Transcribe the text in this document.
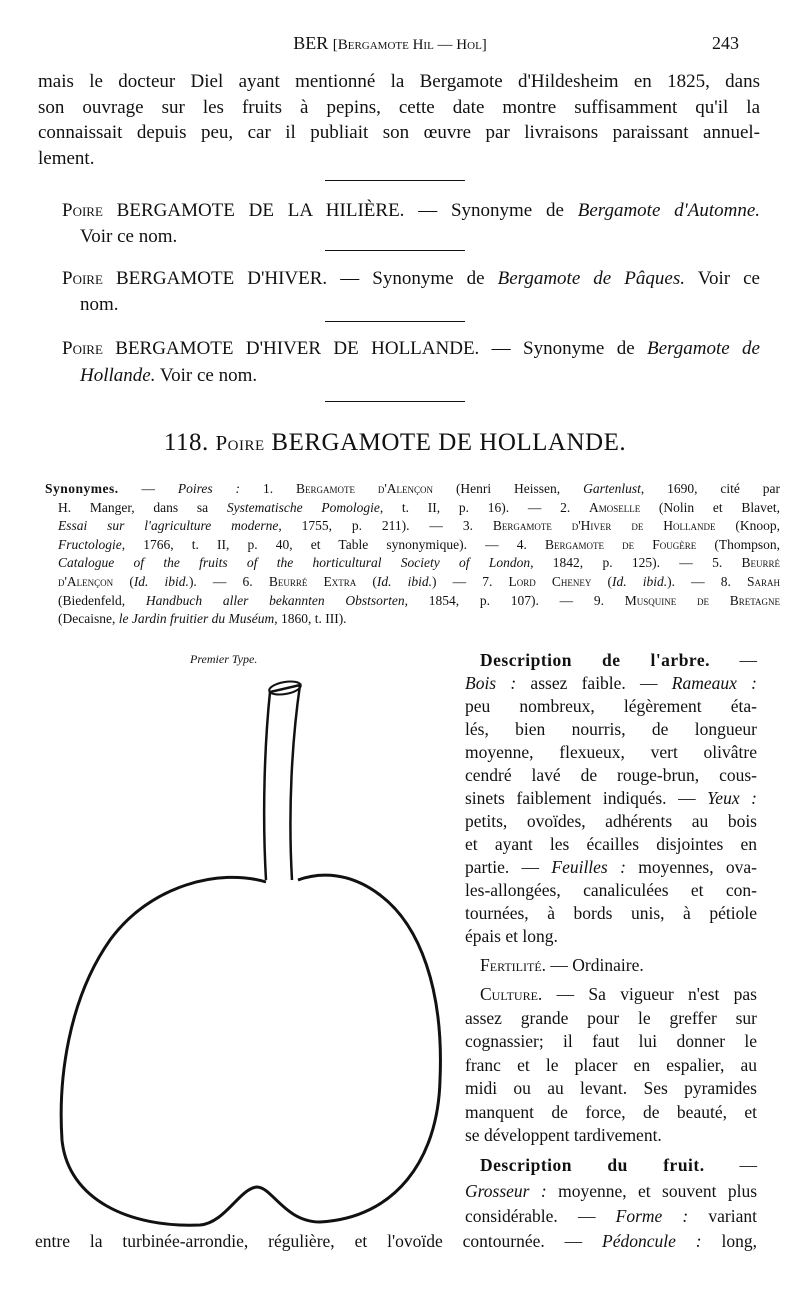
BER [Bergamote Hil — Hol]	243
mais le docteur Diel ayant mentionné la Bergamote d'Hildesheim en 1825, dans
son ouvrage sur les fruits à pepins, cette date montre suffisamment qu'il la
connaissait depuis peu, car il publiait son œuvre par livraisons paraissant annuel-
lement.
Poire BERGAMOTE DE LA HILIÈRE. — Synonyme de Bergamote d'Automne.
Voir ce nom.
Poire BERGAMOTE D'HIVER. — Synonyme de Bergamote de Pâques. Voir ce
nom.
Poire BERGAMOTE D'HIVER DE HOLLANDE. — Synonyme de Bergamote de
Hollande. Voir ce nom.
118. Poire BERGAMOTE DE HOLLANDE.
Synonymes. — Poires : 1. Bergamote d'Alençon (Henri Heissen, Gartenlust, 1690, cité par
H. Manger, dans sa Systematische Pomologie, t. II, p. 16). — 2. Amoselle (Nolin et Blavet,
Essai sur l'agriculture moderne, 1755, p. 211). — 3. Bergamote d'Hiver de Hollande (Knoop,
Fructologie, 1766, t. II, p. 40, et Table synonymique). — 4. Bergamote de Fougère (Thompson,
Catalogue of the fruits of the horticultural Society of London, 1842, p. 125). — 5. Beurré
d'Alençon (Id. ibid.). — 6. Beurré Extra (Id. ibid.) — 7. Lord Cheney (Id. ibid.). — 8. Sarah
(Biedenfeld, Handbuch aller bekannten Obstsorten, 1854, p. 107). — 9. Musquine de Bretagne
(Decaisne, le Jardin fruitier du Muséum, 1860, t. III).
Premier Type.	Description de l'arbre. —
Bois : assez faible. — Rameaux :
peu nombreux, légèrement éta-
lés, bien nourris, de longueur
moyenne, flexueux, vert olivâtre
cendré lavé de rouge-brun, cous-
sinets faiblement indiqués. — Yeux :
petits, ovoïdes, adhérents au bois
et ayant les écailles disjointes en
partie. — Feuilles : moyennes, ova-
les-allongées, canaliculées et con-
tournées, à bords unis, à pétiole
épais et long.
Fertilité. — Ordinaire.
Culture. — Sa vigueur n'est pas
assez grande pour le greffer sur
cognassier; il faut lui donner le
franc et le placer en espalier, au
midi ou au levant. Ses pyramides
manquent de force, de beauté, et
se développent tardivement.
Description du fruit. —
Grosseur : moyenne, et souvent plus
considérable. — Forme : variant
entre la turbinée-arrondie, régulière, et l'ovoïde contournée. — Pédoncule : long,
